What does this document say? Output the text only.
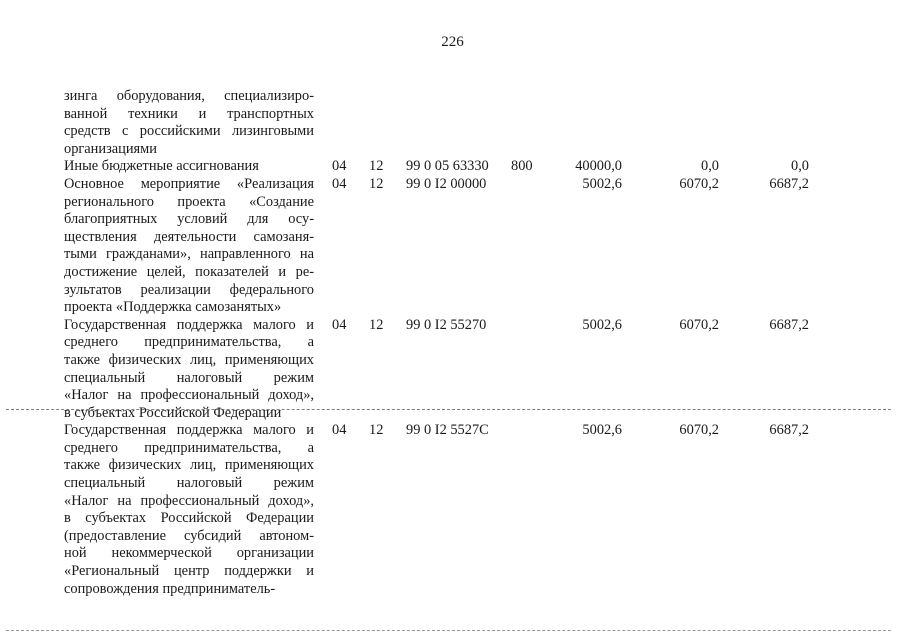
226
зинга оборудования, специализиро-
ванной техники и транспортных
средств с российскими лизинговыми
организациями
Иные бюджетные ассигнования	04 12 99 0 05 63330 800	40000,0	0,0	0,0
Основное мероприятие «Реализация
регионального проекта «Создание
благоприятных условий для осу-
ществления деятельности самозаня-
тыми гражданами», направленного на
достижение целей, показателей и ре-
зультатов реализации федерального
проекта «Поддержка самозанятых»
04 12 99 0 I2 00000	5002,6	6070,2	6687,2
Государственная поддержка малого и
среднего предпринимательства, а
также физических лиц, применяющих
специальный налоговый режим
«Налог на профессиональный доход»,
в субъектах Российской Федерации
04 12 99 0 I2 55270	5002,6	6070,2	6687,2
Государственная поддержка малого и
среднего предпринимательства, а
также физических лиц, применяющих
специальный налоговый режим
«Налог на профессиональный доход»,
в субъектах Российской Федерации
(предоставление субсидий автоном-
ной некоммерческой организации
«Региональный центр поддержки и
сопровождения предприниматель-
04 12 99 0 I2 5527С	5002,6	6070,2	6687,2
